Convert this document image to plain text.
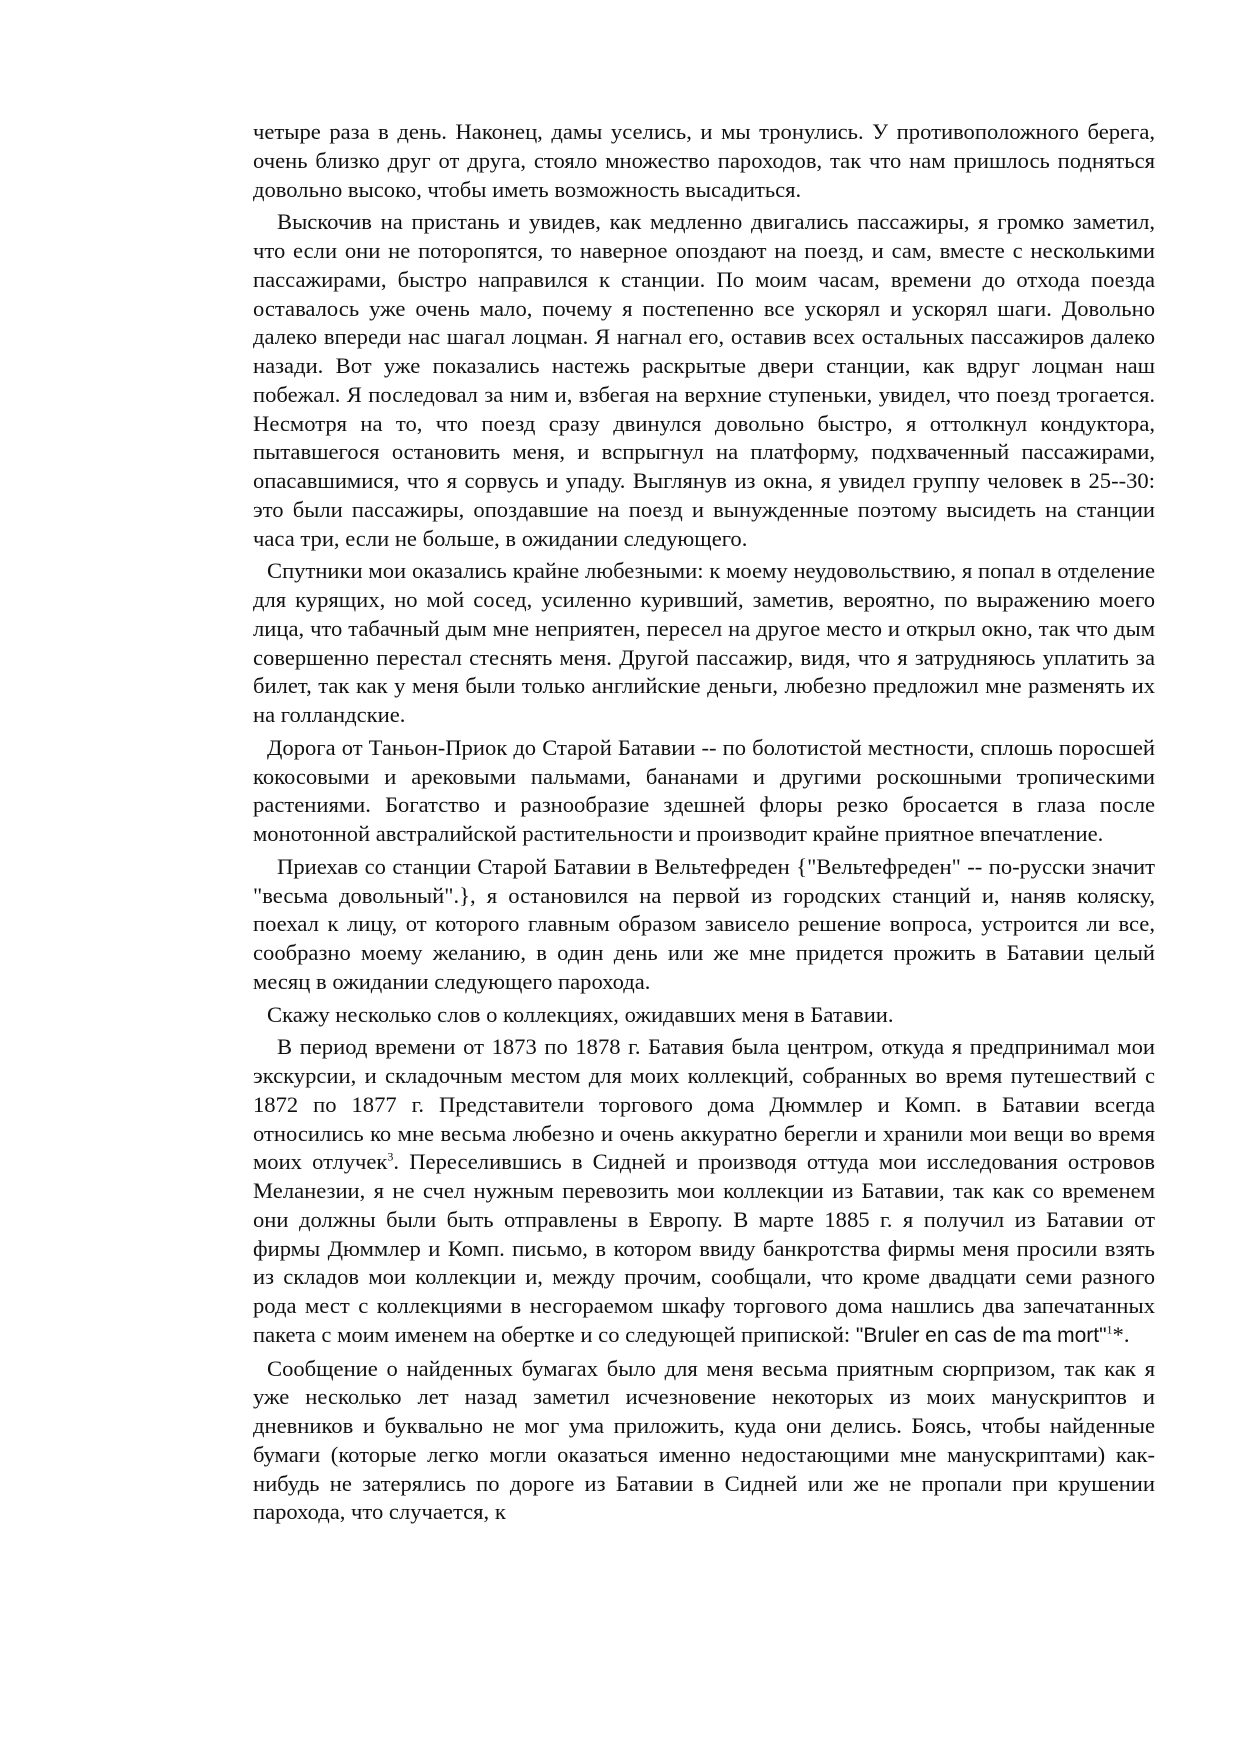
четыре раза в день. Наконец, дамы уселись, и мы тронулись. У противоположного берега, очень близко друг от друга, стояло множество пароходов, так что нам пришлось подняться довольно высоко, чтобы иметь возможность высадиться.

Выскочив на пристань и увидев, как медленно двигались пассажиры, я громко заметил, что если они не поторопятся, то наверное опоздают на поезд, и сам, вместе с несколькими пассажирами, быстро направился к станции. По моим часам, времени до отхода поезда оставалось уже очень мало, почему я постепенно все ускорял и ускорял шаги. Довольно далеко впереди нас шагал лоцман. Я нагнал его, оставив всех остальных пассажиров далеко назади. Вот уже показались настежь раскрытые двери станции, как вдруг лоцман наш побежал. Я последовал за ним и, взбегая на верхние ступеньки, увидел, что поезд трогается. Несмотря на то, что поезд сразу двинулся довольно быстро, я оттолкнул кондуктора, пытавшегося остановить меня, и вспрыгнул на платформу, подхваченный пассажирами, опасавшимися, что я сорвусь и упаду. Выглянув из окна, я увидел группу человек в 25--30: это были пассажиры, опоздавшие на поезд и вынужденные поэтому высидеть на станции часа три, если не больше, в ожидании следующего.

Спутники мои оказались крайне любезными: к моему неудовольствию, я попал в отделение для курящих, но мой сосед, усиленно куривший, заметив, вероятно, по выражению моего лица, что табачный дым мне неприятен, пересел на другое место и открыл окно, так что дым совершенно перестал стеснять меня. Другой пассажир, видя, что я затрудняюсь уплатить за билет, так как у меня были только английские деньги, любезно предложил мне разменять их на голландские.

Дорога от Таньон-Приок до Старой Батавии -- по болотистой местности, сплошь поросшей кокосовыми и арековыми пальмами, бананами и другими роскошными тропическими растениями. Богатство и разнообразие здешней флоры резко бросается в глаза после монотонной австралийской растительности и производит крайне приятное впечатление.

Приехав со станции Старой Батавии в Вельтефреден {"Вельтефреден" -- по-русски значит "весьма довольный".}, я остановился на первой из городских станций и, наняв коляску, поехал к лицу, от которого главным образом зависело решение вопроса, устроится ли все, сообразно моему желанию, в один день или же мне придется прожить в Батавии целый месяц в ожидании следующего парохода.

Скажу несколько слов о коллекциях, ожидавших меня в Батавии.

В период времени от 1873 по 1878 г. Батавия была центром, откуда я предпринимал мои экскурсии, и складочным местом для моих коллекций, собранных во время путешествий с 1872 по 1877 г. Представители торгового дома Дюммлер и Комп. в Батавии всегда относились ко мне весьма любезно и очень аккуратно берегли и хранили мои вещи во время моих отлучек$^3$. Переселившись в Сидней и производя оттуда мои исследования островов Меланезии, я не счел нужным перевозить мои коллекции из Батавии, так как со временем они должны были быть отправлены в Европу. В марте 1885 г. я получил из Батавии от фирмы Дюммлер и Комп. письмо, в котором ввиду банкротства фирмы меня просили взять из складов мои коллекции и, между прочим, сообщали, что кроме двадцати семи разного рода мест с коллекциями в несгораемом шкафу торгового дома нашлись два запечатанных пакета с моим именем на обертке и со следующей припиской: "Bruler en cas de ma mort"$^1$*.

Сообщение о найденных бумагах было для меня весьма приятным сюрпризом, так как я уже несколько лет назад заметил исчезновение некоторых из моих манускриптов и дневников и буквально не мог ума приложить, куда они делись. Боясь, чтобы найденные бумаги (которые легко могли оказаться именно недостающими мне манускриптами) как-нибудь не затерялись по дороге из Батавии в Сидней или же не пропали при крушении парохода, что случается, к
